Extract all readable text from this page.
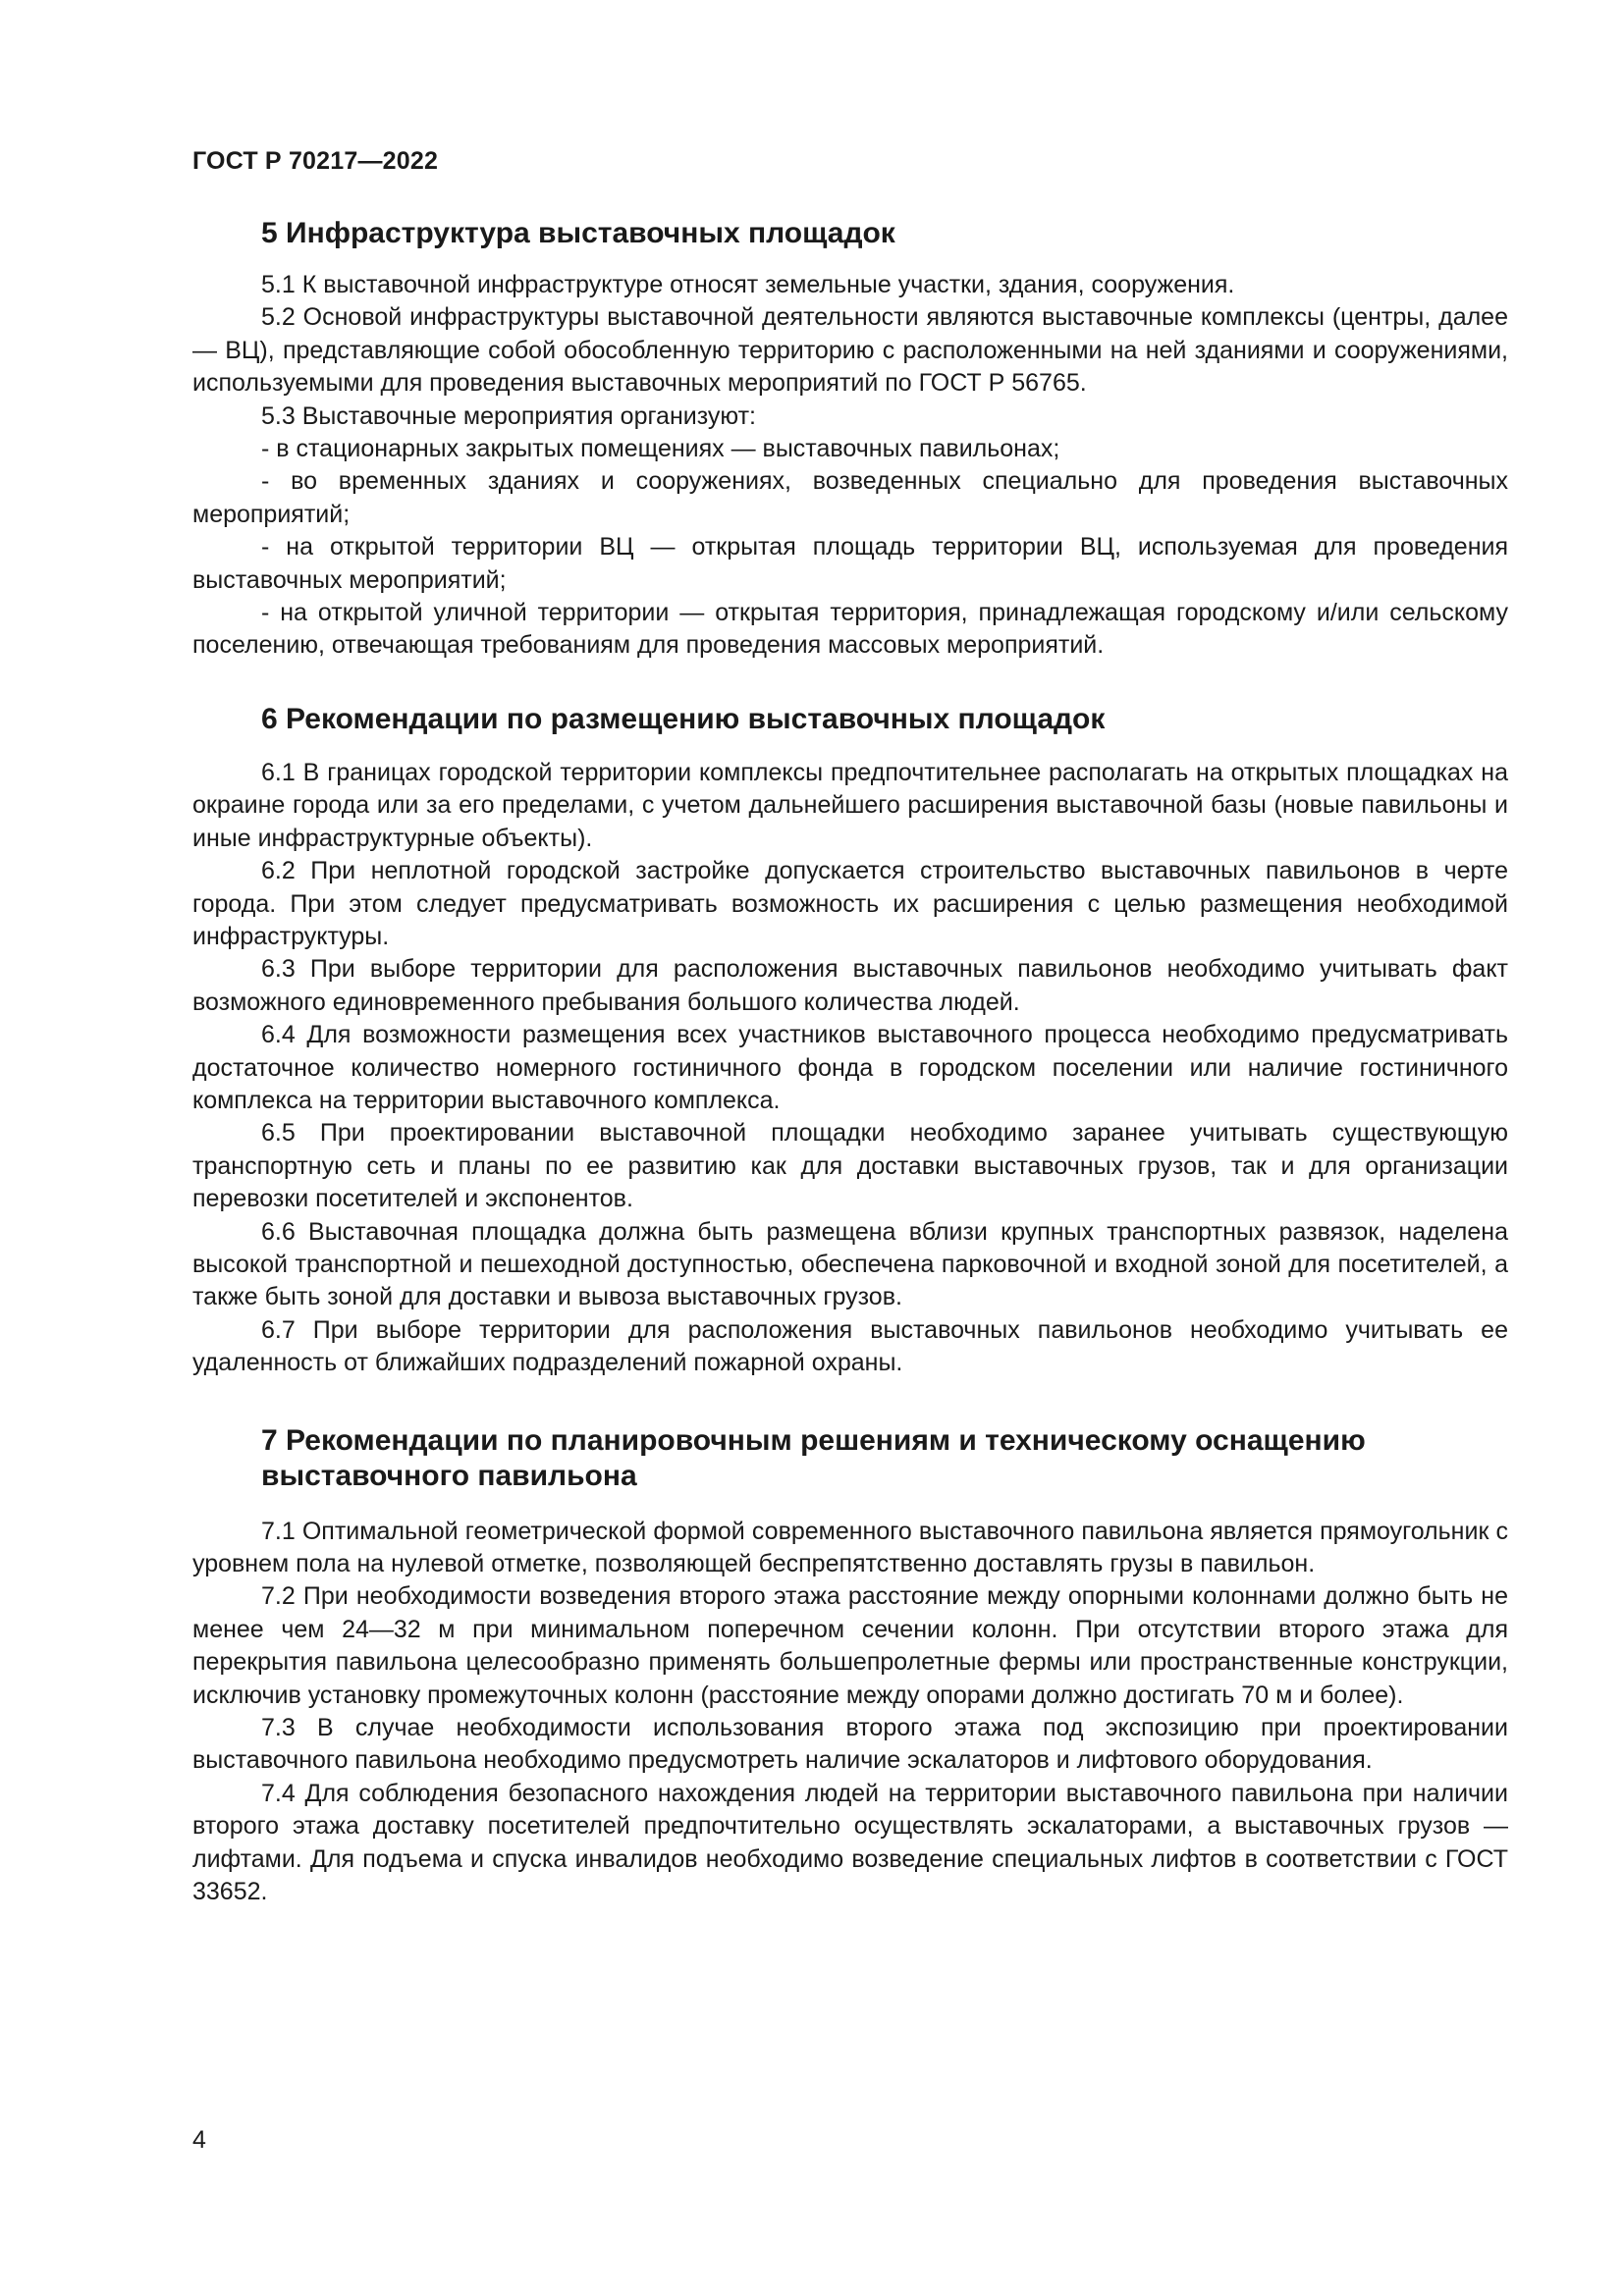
ГОСТ Р 70217—2022
5 Инфраструктура выставочных площадок

5.1 К выставочной инфраструктуре относят земельные участки, здания, сооружения.

5.2 Основой инфраструктуры выставочной деятельности являются выставочные комплексы (центры, далее — ВЦ), представляющие собой обособленную территорию с расположенными на ней зданиями и сооружениями, используемыми для проведения выставочных мероприятий по ГОСТ Р 56765.

5.3 Выставочные мероприятия организуют:

- в стационарных закрытых помещениях — выставочных павильонах;

- во временных зданиях и сооружениях, возведенных специально для проведения выставочных мероприятий;

- на открытой территории ВЦ — открытая площадь территории ВЦ, используемая для проведения выставочных мероприятий;

- на открытой уличной территории — открытая территория, принадлежащая городскому и/или сельскому поселению, отвечающая требованиям для проведения массовых мероприятий.

6 Рекомендации по размещению выставочных площадок

6.1 В границах городской территории комплексы предпочтительнее располагать на открытых площадках на окраине города или за его пределами, с учетом дальнейшего расширения выставочной базы (новые павильоны и иные инфраструктурные объекты).

6.2 При неплотной городской застройке допускается строительство выставочных павильонов в черте города. При этом следует предусматривать возможность их расширения с целью размещения необходимой инфраструктуры.

6.3 При выборе территории для расположения выставочных павильонов необходимо учитывать факт возможного единовременного пребывания большого количества людей.

6.4 Для возможности размещения всех участников выставочного процесса необходимо предусматривать достаточное количество номерного гостиничного фонда в городском поселении или наличие гостиничного комплекса на территории выставочного комплекса.

6.5 При проектировании выставочной площадки необходимо заранее учитывать существующую транспортную сеть и планы по ее развитию как для доставки выставочных грузов, так и для организации перевозки посетителей и экспонентов.

6.6 Выставочная площадка должна быть размещена вблизи крупных транспортных развязок, наделена высокой транспортной и пешеходной доступностью, обеспечена парковочной и входной зоной для посетителей, а также быть зоной для доставки и вывоза выставочных грузов.

6.7 При выборе территории для расположения выставочных павильонов необходимо учитывать ее удаленность от ближайших подразделений пожарной охраны.

7 Рекомендации по планировочным решениям и техническому оснащению выставочного павильона

7.1 Оптимальной геометрической формой современного выставочного павильона является прямоугольник с уровнем пола на нулевой отметке, позволяющей беспрепятственно доставлять грузы в павильон.

7.2 При необходимости возведения второго этажа расстояние между опорными колоннами должно быть не менее чем 24—32 м при минимальном поперечном сечении колонн. При отсутствии второго этажа для перекрытия павильона целесообразно применять большепролетные фермы или пространственные конструкции, исключив установку промежуточных колонн (расстояние между опорами должно достигать 70 м и более).

7.3 В случае необходимости использования второго этажа под экспозицию при проектировании выставочного павильона необходимо предусмотреть наличие эскалаторов и лифтового оборудования.

7.4 Для соблюдения безопасного нахождения людей на территории выставочного павильона при наличии второго этажа доставку посетителей предпочтительно осуществлять эскалаторами, а выставочных грузов — лифтами. Для подъема и спуска инвалидов необходимо возведение специальных лифтов в соответствии с ГОСТ 33652.

4
